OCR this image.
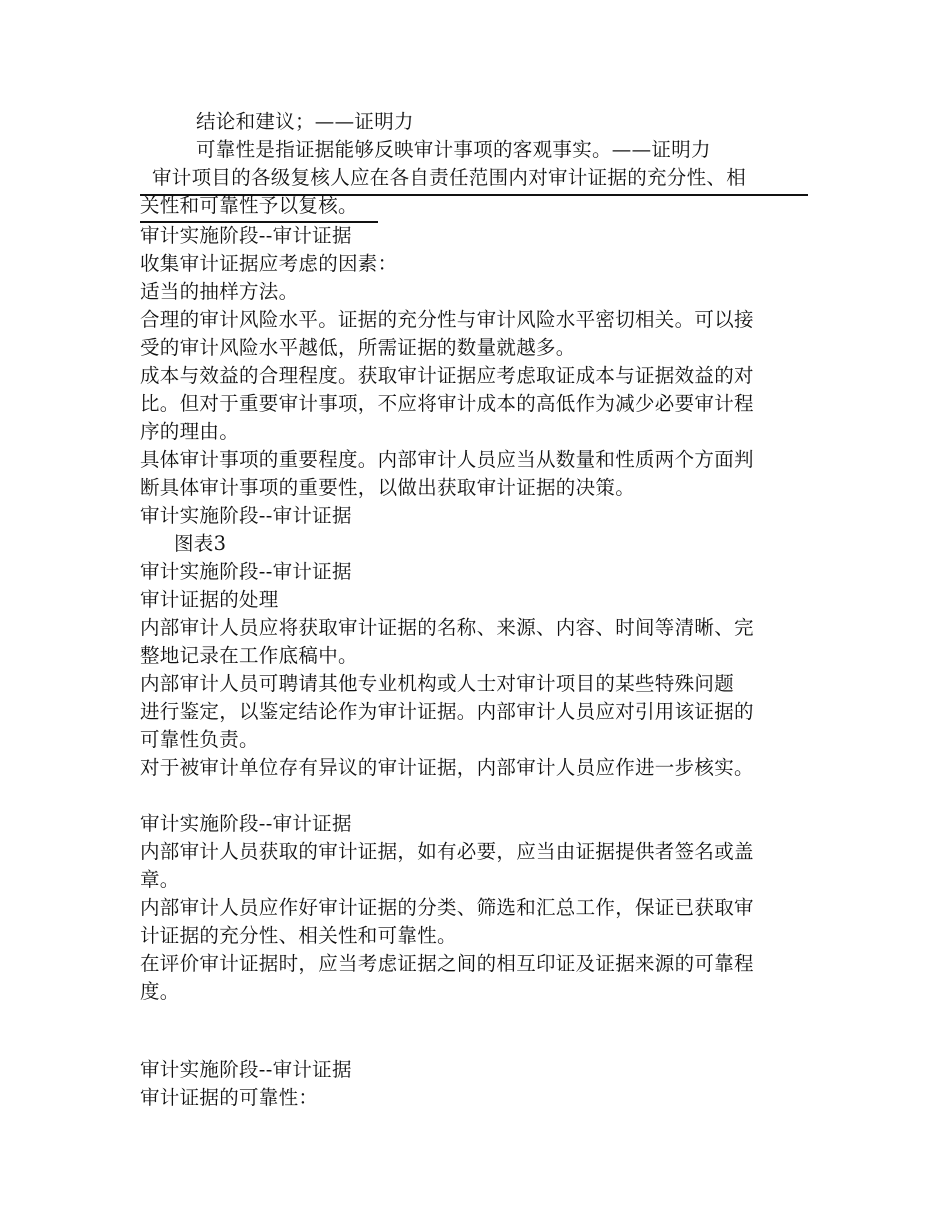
结论和建议；——证明力
可靠性是指证据能够反映审计事项的客观事实。——证明力
审计项目的各级复核人应在各自责任范围内对审计证据的充分性、相
关性和可靠性予以复核。
审计实施阶段--审计证据
收集审计证据应考虑的因素：
适当的抽样方法。
合理的审计风险水平。证据的充分性与审计风险水平密切相关。可以接
受的审计风险水平越低，所需证据的数量就越多。
成本与效益的合理程度。获取审计证据应考虑取证成本与证据效益的对
比。但对于重要审计事项，不应将审计成本的高低作为减少必要审计程
序的理由。
具体审计事项的重要程度。内部审计人员应当从数量和性质两个方面判
断具体审计事项的重要性，以做出获取审计证据的决策。
审计实施阶段--审计证据
图表3
审计实施阶段--审计证据
审计证据的处理
内部审计人员应将获取审计证据的名称、来源、内容、时间等清晰、完
整地记录在工作底稿中。
内部审计人员可聘请其他专业机构或人士对审计项目的某些特殊问题
进行鉴定，以鉴定结论作为审计证据。内部审计人员应对引用该证据的
可靠性负责。
对于被审计单位存有异议的审计证据，内部审计人员应作进一步核实。
审计实施阶段--审计证据
内部审计人员获取的审计证据，如有必要，应当由证据提供者签名或盖
章。
内部审计人员应作好审计证据的分类、筛选和汇总工作，保证已获取审
计证据的充分性、相关性和可靠性。
在评价审计证据时，应当考虑证据之间的相互印证及证据来源的可靠程
度。
审计实施阶段--审计证据
审计证据的可靠性：
